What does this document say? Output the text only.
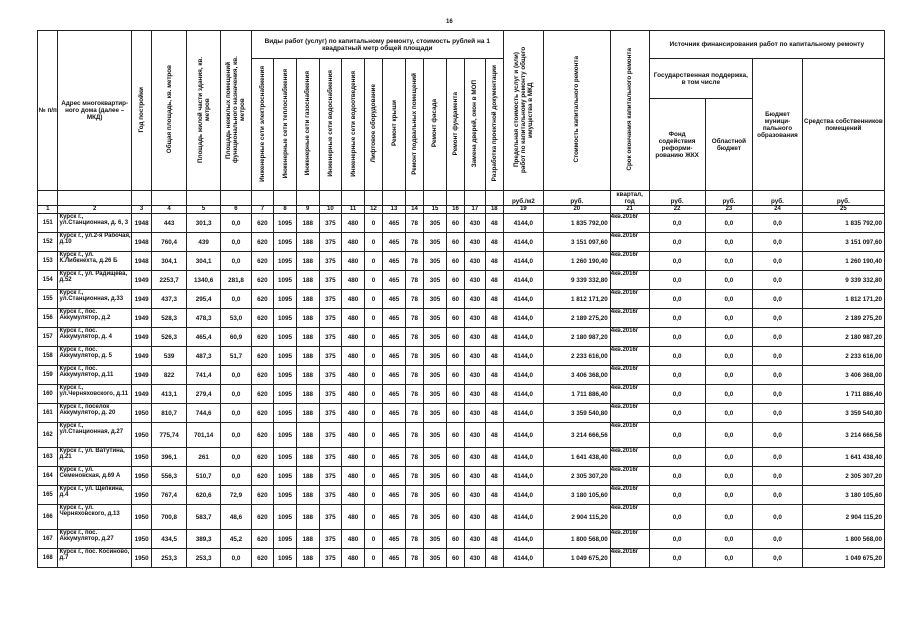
16
№ п/п	Адрес многоквартир-ного дома (далее – МКД)	Год постройки	Общая площадь, кв. метров	Площадь жилой части здания, кв. метров	Площадь нежилых помещений функционального назначения, кв. метров	Виды работ (услуг) по капитальному ремонту, стоимость рублей на 1 квадратный метр общей площади												Предельная стоимость услуг и (или) работ по капитальному ремонту общего имущества в МКД	Стоимость капитального ремонта	Срок окончания капитального ремонта	Источник финансирования работ по капитальному ремонту			
						Инженерные сети электроснабжения	Инженерные сети теплоснабжения	Инженерные сети газоснабжения	Инженерные сети водоснабжения	Инженерные сети водоотведения	Лифтовое оборудование	Ремонт крыши	Ремонт подвальных помещений	Ремонт фасада	Ремонт фундамента	Замена дверей, окон в МОП	Разработка проектной документации				Государственная поддержка, в том числе		Бюджет муници-пального образования	Средства собственников помещений
																					Фонд содействия реформи-рованию ЖКХ	Областной бюджет		
																		руб./м2	руб.	квартал, год	руб.	руб.	руб.	руб.
1	2	3	4	5	6	7	8	9	10	11	12	13	14	15	16	17	18	19	20	21	22	23	24	25
151	Курск г., ул.Станционная, д. 6, 3	1948	443	301,3	0,0	620	1095	188	375	480	0	465	78	305	60	430	48	4144,0	1 835 792,00	4кв.2016г	0,0	0,0	0,0	1 835 792,00
152	Курск г., ул.2-я Рабочая, д.10	1948	760,4	439	0,0	620	1095	188	375	480	0	465	78	305	60	430	48	4144,0	3 151 097,60	4кв.2016г	0,0	0,0	0,0	3 151 097,60
153	Курск г., ул. К.Либкнехта, д.26 Б	1948	304,1	304,1	0,0	620	1095	188	375	480	0	465	78	305	60	430	48	4144,0	1 260 190,40	4кв.2016г	0,0	0,0	0,0	1 260 190,40
154	Курск г., ул. Радищева, д.52	1949	2253,7	1340,6	281,8	620	1095	188	375	480	0	465	78	305	60	430	48	4144,0	9 339 332,80	4кв.2016г	0,0	0,0	0,0	9 339 332,80
155	Курск г., ул.Станционная, д.33	1949	437,3	295,4	0,0	620	1095	188	375	480	0	465	78	305	60	430	48	4144,0	1 812 171,20	4кв.2016г	0,0	0,0	0,0	1 812 171,20
156	Курск г., пос. Аккумулятор, д.2	1949	528,3	478,3	53,0	620	1095	188	375	480	0	465	78	305	60	430	48	4144,0	2 189 275,20	4кв.2016г	0,0	0,0	0,0	2 189 275,20
157	Курск г., пос. Аккумулятор, д. 4	1949	526,3	465,4	60,9	620	1095	188	375	480	0	465	78	305	60	430	48	4144,0	2 180 987,20	4кв.2016г	0,0	0,0	0,0	2 180 987,20
158	Курск г., пос. Аккумулятор, д. 5	1949	539	487,3	51,7	620	1095	188	375	480	0	465	78	305	60	430	48	4144,0	2 233 616,00	4кв.2016г	0,0	0,0	0,0	2 233 616,00
159	Курск г., пос. Аккумулятор, д.11	1949	822	741,4	0,0	620	1095	188	375	480	0	465	78	305	60	430	48	4144,0	3 406 368,00	4кв.2016г	0,0	0,0	0,0	3 406 368,00
160	Курск г., ул.Черняховского, д.11	1949	413,1	279,4	0,0	620	1095	188	375	480	0	465	78	305	60	430	48	4144,0	1 711 886,40	4кв.2016г	0,0	0,0	0,0	1 711 886,40
161	Курск г., поселок Аккумулятор, д. 20	1950	810,7	744,6	0,0	620	1095	188	375	480	0	465	78	305	60	430	48	4144,0	3 359 540,80	4кв.2016г	0,0	0,0	0,0	3 359 540,80
162	Курск г., ул.Станционная, д.27	1950	775,74	701,14	0,0	620	1095	188	375	480	0	465	78	305	60	430	48	4144,0	3 214 666,56	4кв.2016г	0,0	0,0	0,0	3 214 666,56
163	Курск г., ул. Ватутина, д.21	1950	396,1	261	0,0	620	1095	188	375	480	0	465	78	305	60	430	48	4144,0	1 641 438,40	4кв.2016г	0,0	0,0	0,0	1 641 438,40
164	Курск г., ул. Семеновская, д.69 А	1950	556,3	510,7	0,0	620	1095	188	375	480	0	465	78	305	60	430	48	4144,0	2 305 307,20	4кв.2016г	0,0	0,0	0,0	2 305 307,20
165	Курск г., ул. Щепкина, д.4	1950	767,4	620,6	72,9	620	1095	188	375	480	0	465	78	305	60	430	48	4144,0	3 180 105,60	4кв.2016г	0,0	0,0	0,0	3 180 105,60
166	Курск г., ул. Черняховского, д.13	1950	700,8	583,7	48,6	620	1095	188	375	480	0	465	78	305	60	430	48	4144,0	2 904 115,20	4кв.2016г	0,0	0,0	0,0	2 904 115,20
167	Курск г., пос. Аккумулятор, д.27	1950	434,5	389,3	45,2	620	1095	188	375	480	0	465	78	305	60	430	48	4144,0	1 800 568,00	4кв.2016г	0,0	0,0	0,0	1 800 568,00
168	Курск г., пос. Косиново, д.7	1950	253,3	253,3	0,0	620	1095	188	375	480	0	465	78	305	60	430	48	4144,0	1 049 675,20	4кв.2016г	0,0	0,0	0,0	1 049 675,20
